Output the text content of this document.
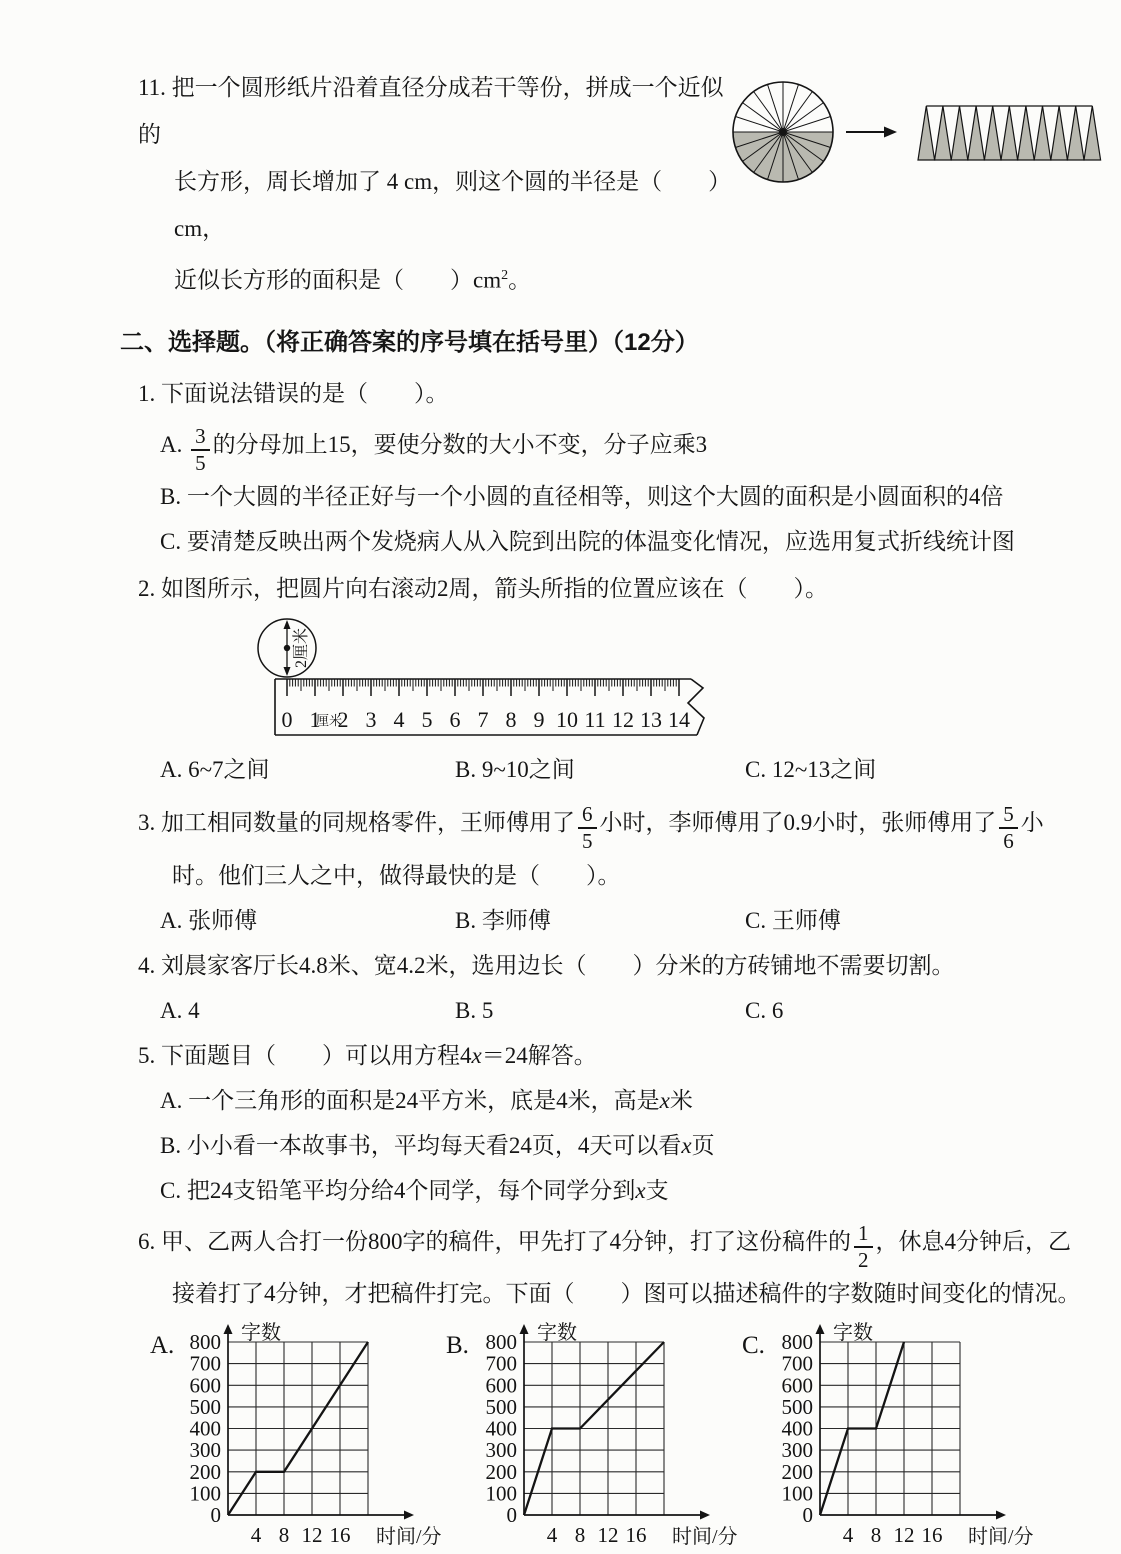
11. 把一个圆形纸片沿着直径分成若干等份，拼成一个近似的
长方形，周长增加了 4 cm，则这个圆的半径是（　　）cm，
近似长方形的面积是（　　）$cm^2$。
二、选择题。（将正确答案的序号填在括号里）（12分）
1. 下面说法错误的是（　　）。
A. $\frac{3}{5}$ 的分母加上15，要使分数的大小不变，分子应乘3
B. 一个大圆的半径正好与一个小圆的直径相等，则这个大圆的面积是小圆面积的4倍
C. 要清楚反映出两个发烧病人从入院到出院的体温变化情况，应选用复式折线统计图
2. 如图所示，把圆片向右滚动2周，箭头所指的位置应该在（　　）。
0 1 2 3 4 5 6 7 8 9 10 11 12 13 14
厘米
2厘米
A. 6~7之间	B. 9~10之间	C. 12~13之间
3. 加工相同数量的同规格零件，王师傅用了 $\frac{6}{5}$ 小时，李师傅用了0.9小时，张师傅用了 $\frac{5}{6}$ 小
时。他们三人之中，做得最快的是（　　）。
A. 张师傅	B. 李师傅	C. 王师傅
4. 刘晨家客厅长4.8米、宽4.2米，选用边长（　　）分米的方砖铺地不需要切割。
A. 4	B. 5	C. 6
5. 下面题目（　　）可以用方程4x＝24解答。
A. 一个三角形的面积是24平方米，底是4米，高是x米
B. 小小看一本故事书，平均每天看24页，4天可以看x页
C. 把24支铅笔平均分给4个同学，每个同学分到x支
6. 甲、乙两人合打一份800字的稿件，甲先打了4分钟，打了这份稿件的 $\frac{1}{2}$ ，休息4分钟后，乙
接着打了4分钟，才把稿件打完。下面（　　）图可以描述稿件的字数随时间变化的情况。
A.
0
100
200
300
400
500
600
700
800
4 8 12 16
字数
时间/分
B.
0
100
200
300
400
500
600
700
800
4 8 12 16
字数
时间/分
C.
0
100
200
300
400
500
600
700
800
4 8 12 16
字数
时间/分
